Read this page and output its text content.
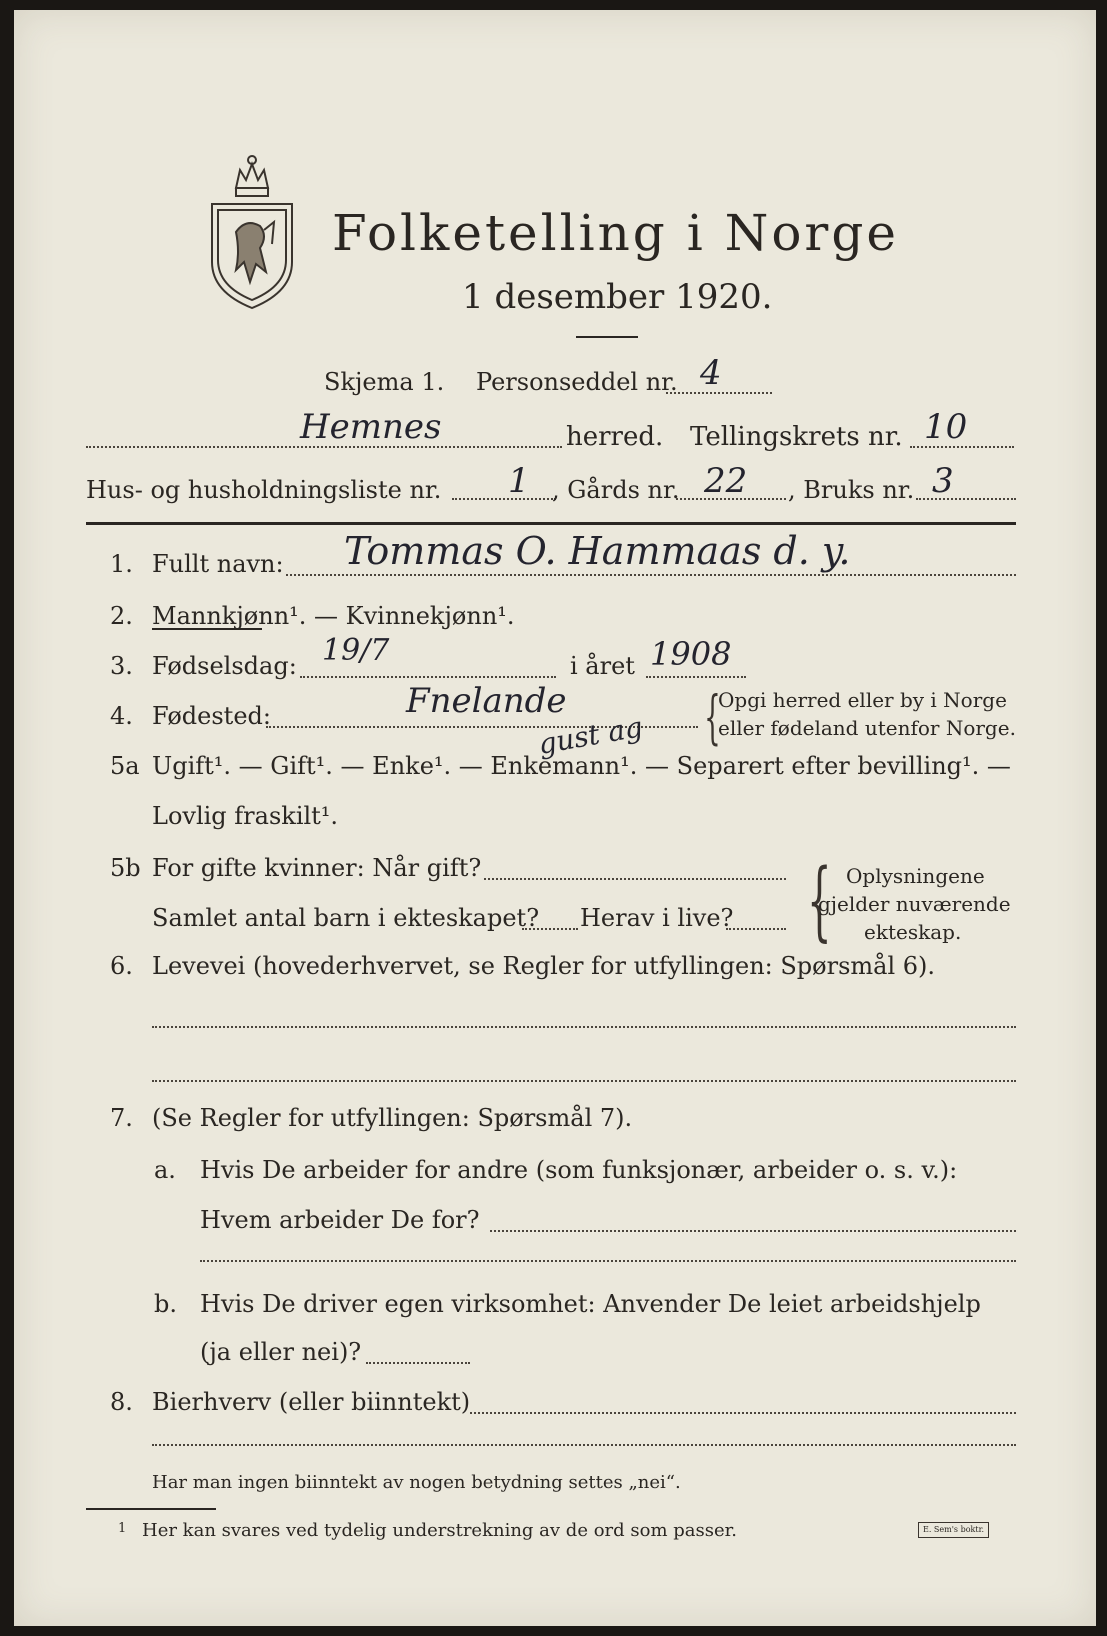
Folketelling i Norge
1 desember 1920.
Skjema 1. Personseddel nr. 4
Hemnes	herred. Tellingskrets nr. 10
Hus- og husholdningsliste nr. 1 , Gårds nr. 22 , Bruks nr. 3
1. Fullt navn: Tommas O. Hammaas d. y.
2. Mannkjønn¹. — Kvinnekjønn¹.
3. Fødselsdag: 19/7	i året 1908
4. Fødested:	Fnelande {
Opgi herred eller by i Norge
eller fødeland utenfor Norge.
5a Ugift¹. — Gift¹. — Enke¹. — Enkemann¹. — Separert efter bevilling¹. —
gust ag
Lovlig fraskilt¹.
5b For gifte kvinner: Når gift?
Samlet antal barn i ekteskapet? Herav i live? { Oplysningene
gjelder nuværende
ekteskap.
6. Levevei (hovederhvervet, se Regler for utfyllingen: Spørsmål 6).
7. (Se Regler for utfyllingen: Spørsmål 7).
a. Hvis De arbeider for andre (som funksjonær, arbeider o. s. v.):
Hvem arbeider De for?
b. Hvis De driver egen virksomhet: Anvender De leiet arbeidshjelp
(ja eller nei)?
8. Bierhverv (eller biinntekt)
Har man ingen biinntekt av nogen betydning settes „nei“.
1 Her kan svares ved tydelig understrekning av de ord som passer.	E. Sem's boktr.
